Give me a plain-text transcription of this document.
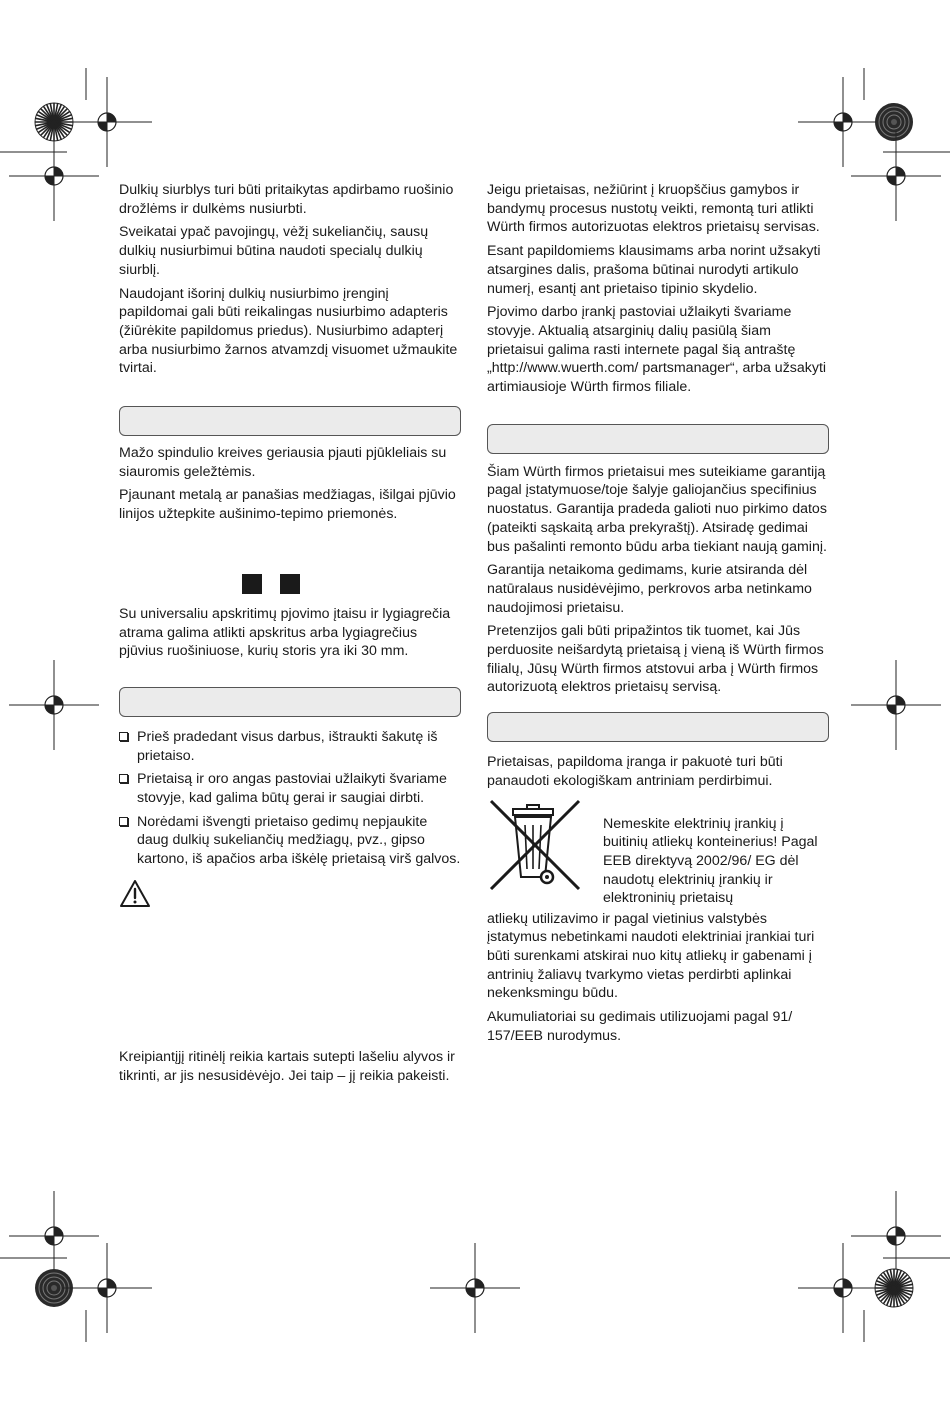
Dulkių siurblys turi būti pritaikytas apdirbamo ruošinio drožlėms ir dulkėms nusiurbti.

Sveikatai ypač pavojingų, vėžį sukeliančių, sausų dulkių nusiurbimui būtina naudoti specialų dulkių siurblį.

Naudojant išorinį dulkių nusiurbimo įrenginį papildomai gali būti reikalingas nusiurbimo adapteris (žiūrėkite papildomus priedus). Nusiurbimo adapterį arba nusiurbimo žarnos atvamzdį visuomet užmaukite tvirtai.

Mažo spindulio kreives geriausia pjauti pjūkleliais su siauromis geležtėmis.

Pjaunant metalą ar panašias medžiagas, išilgai pjūvio linijos užtepkite aušinimo-tepimo priemonės.

Su universaliu apskritimų pjovimo įtaisu ir lygiagrečia atrama galima atlikti apskritus arba lygiagrečius pjūvius ruošiniuose, kurių storis yra iki 30 mm.

Prieš pradedant visus darbus, ištraukti šakutę iš prietaiso.
Prietaisą ir oro angas pastoviai užlaikyti švariame stovyje, kad galima būtų gerai ir saugiai dirbti.
Norėdami išvengti prietaiso gedimų nepjaukite daug dulkių sukeliančių medžiagų, pvz., gipso kartono, iš apačios arba iškėlę prietaisą virš galvos.

Kreipiantįjį ritinėlį reikia kartais sutepti lašeliu alyvos ir tikrinti, ar jis nesusidėvėjo. Jei taip – jį reikia pakeisti.

Jeigu prietaisas, nežiūrint į kruopščius gamybos ir bandymų procesus nustotų veikti, remontą turi atlikti Würth firmos autorizuotas elektros prietaisų servisas.

Esant papildomiems klausimams arba norint užsakyti atsargines dalis, prašoma būtinai nurodyti artikulo numerį, esantį ant prietaiso tipinio skydelio.

Pjovimo darbo įrankį pastoviai užlaikyti švariame stovyje. Aktualią atsarginių dalių pasiūlą šiam prietaisui galima rasti internete pagal šią antraštę „http://www.wuerth.com/ partsmanager“, arba užsakyti artimiausioje Würth firmos filiale.

Šiam Würth firmos prietaisui mes suteikiame garantiją pagal įstatymuose/toje šalyje galiojančius specifinius nuostatus. Garantija pradeda galioti nuo pirkimo datos (pateikti sąskaitą arba prekyraštį). Atsiradę gedimai bus pašalinti remonto būdu arba tiekiant naują gaminį.

Garantija netaikoma gedimams, kurie atsiranda dėl natūralaus nusidėvėjimo, perkrovos arba netinkamo naudojimosi prietaisu.

Pretenzijos gali būti pripažintos tik tuomet, kai Jūs perduosite neišardytą prietaisą į vieną iš Würth firmos filialų, Jūsų Würth firmos atstovui arba į Würth firmos autorizuotą elektros prietaisų servisą.

Prietaisas, papildoma įranga ir pakuotė turi būti panaudoti ekologiškam antriniam perdirbimui.

Nemeskite elektrinių įrankių į buitinių atliekų konteinerius! Pagal EEB direktyvą 2002/96/ EG dėl naudotų elektrinių įrankių ir elektroninių prietaisų

atliekų utilizavimo ir pagal vietinius valstybės įstatymus nebetinkami naudoti elektriniai įrankiai turi būti surenkami atskirai nuo kitų atliekų ir gabenami į antrinių žaliavų tvarkymo vietas perdirbti aplinkai nekenksmingu būdu.

Akumuliatoriai su gedimais utilizuojami pagal 91/ 157/EEB nurodymus.
